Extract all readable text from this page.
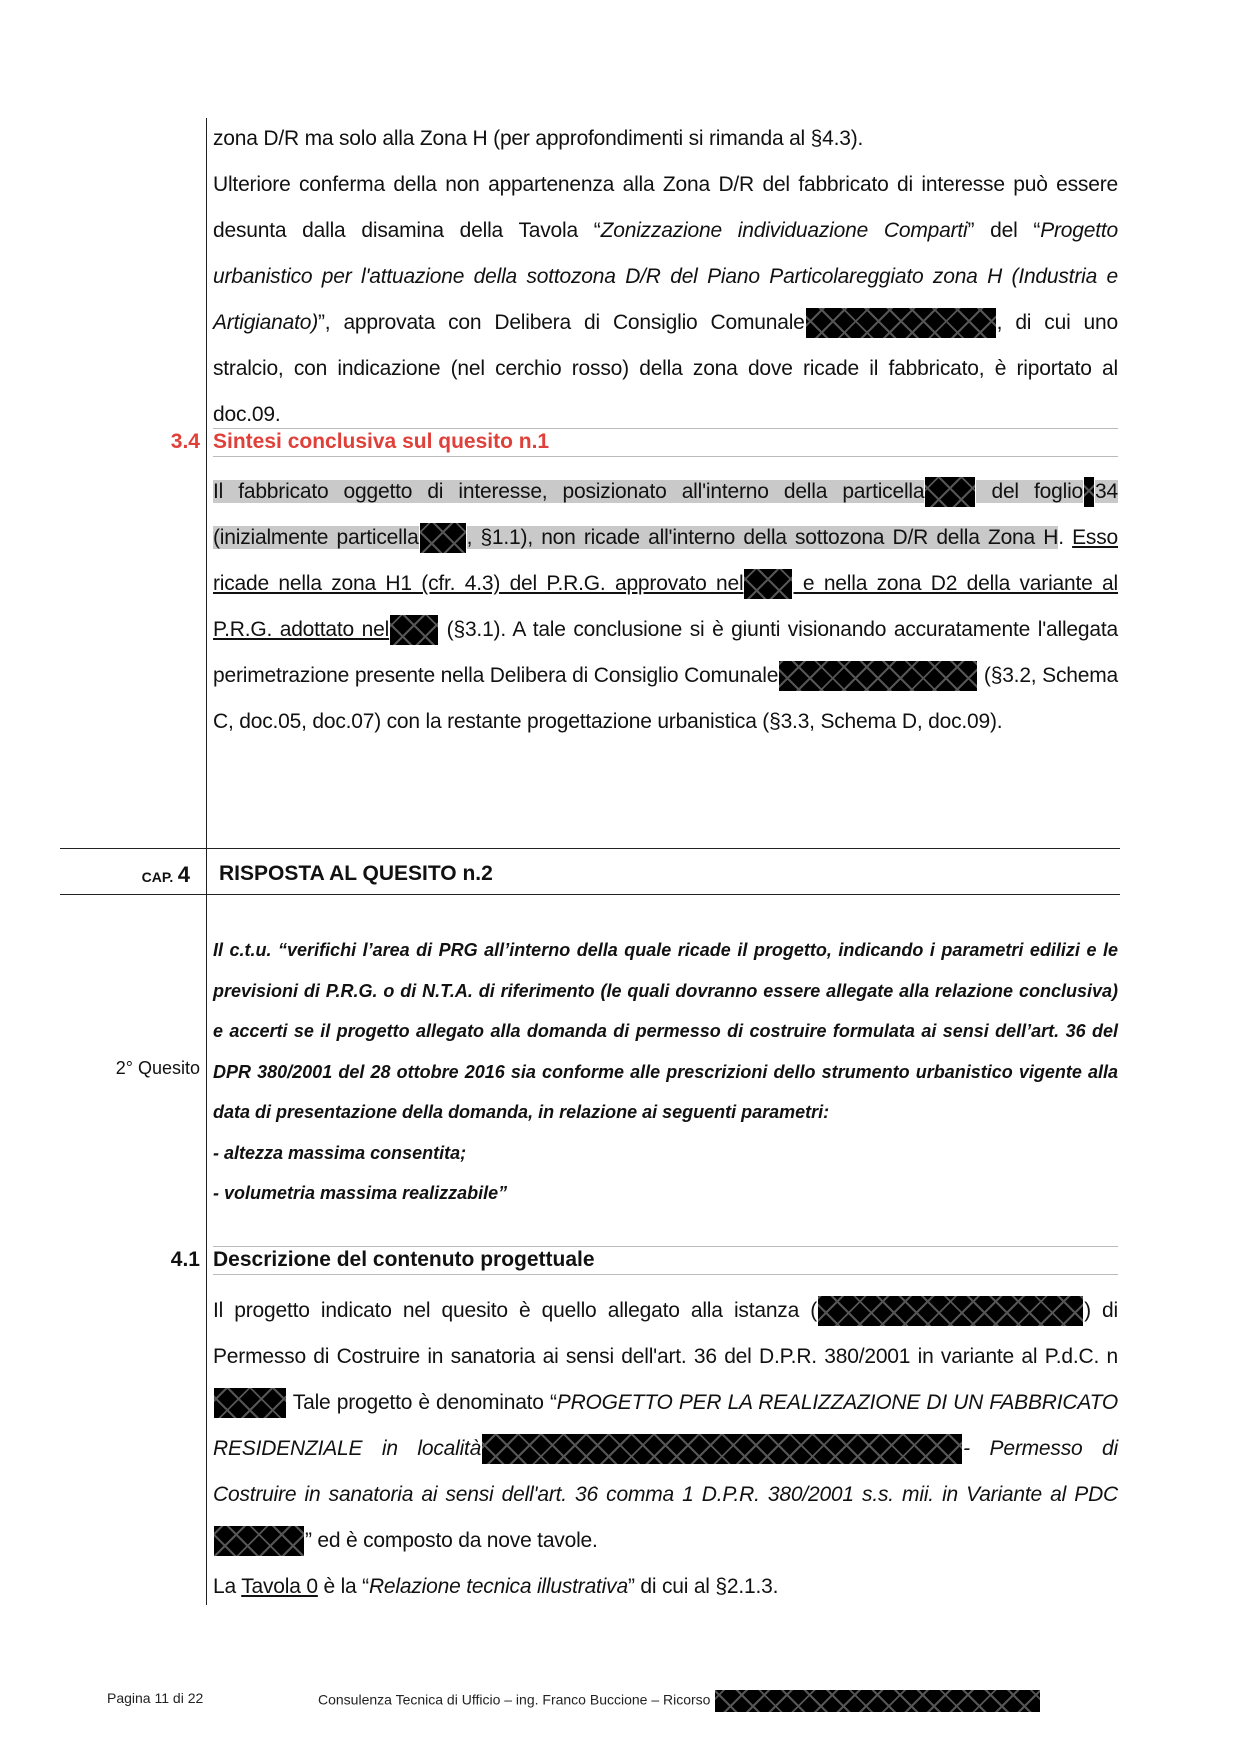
zona D/R ma solo alla Zona H (per approfondimenti si rimanda al §4.3).

Ulteriore conferma della non appartenenza alla Zona D/R del fabbricato di interesse può essere desunta dalla disamina della Tavola “Zonizzazione individuazione Comparti” del “Progetto urbanistico per l'attuazione della sottozona D/R del Piano Particolareggiato zona H (Industria e Artigianato)”, approvata con Delibera di Consiglio Comunale	, di cui uno stralcio, con indicazione (nel cerchio rosso) della zona dove ricade il fabbricato, è riportato al doc.09.

3.4 Sintesi conclusiva sul quesito n.1

Il fabbricato oggetto di interesse, posizionato all'interno della particella del foglio 34 (inizialmente particella , §1.1), non ricade all'interno della sottozona D/R della Zona H. Esso ricade nella zona H1 (cfr. 4.3) del P.R.G. approvato nel e nella zona D2 della variante al P.R.G. adottato nel (§3.1). A tale conclusione si è giunti visionando accuratamente l'allegata perimetrazione presente nella Delibera di Consiglio Comunale	(§3.2, Schema C, doc.05, doc.07) con la restante progettazione urbanistica (§3.3, Schema D, doc.09).

CAP. 4 RISPOSTA AL QUESITO n.2
2° Quesito

Il c.t.u. “verifichi l’area di PRG all’interno della quale ricade il progetto, indicando i parametri edilizi e le previsioni di P.R.G. o di N.T.A. di riferimento (le quali dovranno essere allegate alla relazione conclusiva) e accerti se il progetto allegato alla domanda di permesso di costruire formulata ai sensi dell’art. 36 del DPR 380/2001 del 28 ottobre 2016 sia conforme alle prescrizioni dello strumento urbanistico vigente alla data di presentazione della domanda, in relazione ai seguenti parametri:

- altezza massima consentita;

- volumetria massima realizzabile”

4.1 Descrizione del contenuto progettuale

Il progetto indicato nel quesito è quello allegato alla istanza (	) di Permesso di Costruire in sanatoria ai sensi dell'art. 36 del D.P.R. 380/2001 in variante al P.d.C. n Tale progetto è denominato “PROGETTO PER LA REALIZZAZIONE DI UN FABBRICATO RESIDENZIALE in località	- Permesso di Costruire in sanatoria ai sensi dell'art. 36 comma 1 D.P.R. 380/2001 s.s. mii. in Variante al PDC ” ed è composto da nove tavole.

La Tavola 0 è la “Relazione tecnica illustrativa” di cui al §2.1.3.

Pagina 11 di 22	Consulenza Tecnica di Ufficio – ing. Franco Buccione – Ricorso
